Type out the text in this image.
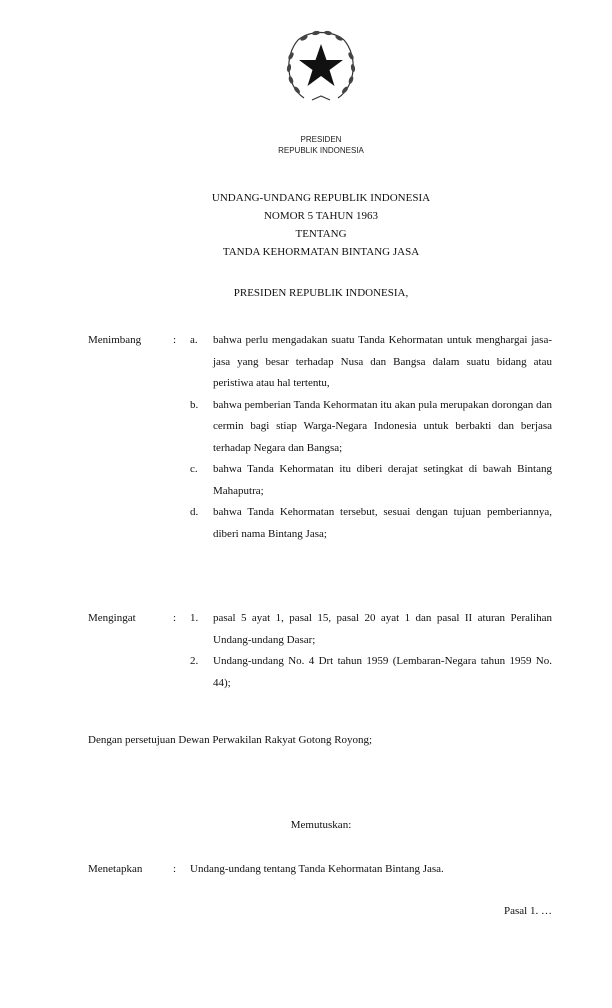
PRESIDEN
REPUBLIK INDONESIA
UNDANG-UNDANG REPUBLIK INDONESIA
NOMOR 5 TAHUN 1963
TENTANG
TANDA KEHORMATAN BINTANG JASA
PRESIDEN REPUBLIK INDONESIA,
Menimbang	: a. bahwa perlu mengadakan suatu Tanda Kehormatan untuk menghargai jasa-jasa yang besar terhadap Nusa dan Bangsa dalam suatu bidang atau peristiwa atau hal tertentu,
b. bahwa pemberian Tanda Kehormatan itu akan pula merupakan dorongan dan cermin bagi stiap Warga-Negara Indonesia untuk berbakti dan berjasa terhadap Negara dan Bangsa;
c. bahwa Tanda Kehormatan itu diberi derajat setingkat di bawah Bintang Mahaputra;
d. bahwa Tanda Kehormatan tersebut, sesuai dengan tujuan pemberiannya, diberi nama Bintang Jasa;
Mengingat	: 1. pasal 5 ayat 1, pasal 15, pasal 20 ayat 1 dan pasal II aturan Peralihan Undang-undang Dasar;
2. Undang-undang No. 4 Drt tahun 1959 (Lembaran-Negara tahun 1959 No. 44);
Dengan persetujuan Dewan Perwakilan Rakyat Gotong Royong;
Memutuskan:
Menetapkan	: Undang-undang tentang Tanda Kehormatan Bintang Jasa.
Pasal 1. …
